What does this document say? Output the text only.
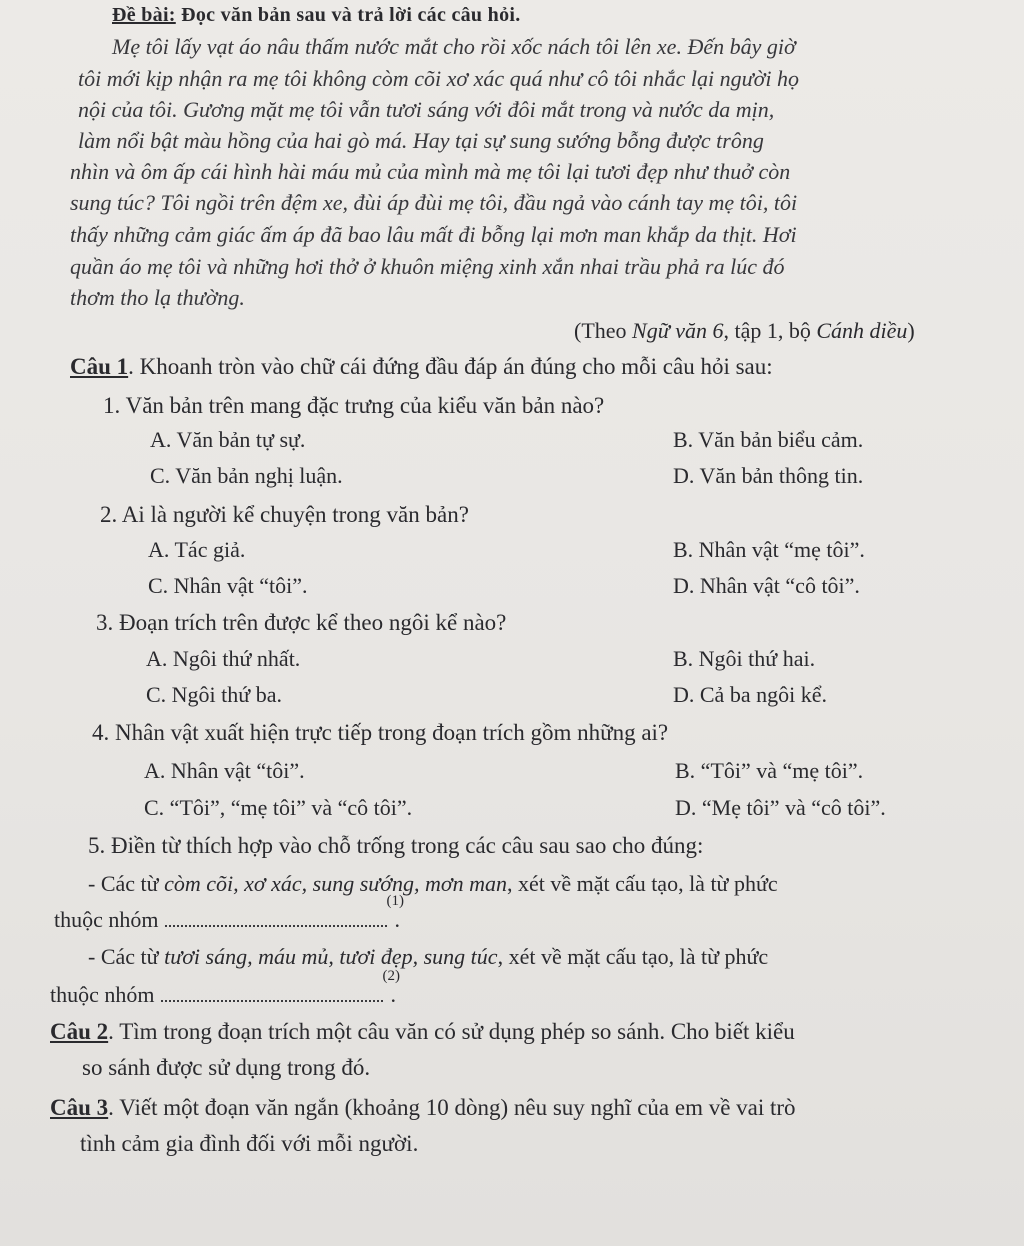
Đề bài: Đọc văn bản sau và trả lời các câu hỏi.
Mẹ tôi lấy vạt áo nâu thấm nước mắt cho rồi xốc nách tôi lên xe. Đến bây giờ
tôi mới kịp nhận ra mẹ tôi không còm cõi xơ xác quá như cô tôi nhắc lại người họ
nội của tôi. Gương mặt mẹ tôi vẫn tươi sáng với đôi mắt trong và nước da mịn,
làm nổi bật màu hồng của hai gò má. Hay tại sự sung sướng bỗng được trông
nhìn và ôm ấp cái hình hài máu mủ của mình mà mẹ tôi lại tươi đẹp như thuở còn
sung túc? Tôi ngồi trên đệm xe, đùi áp đùi mẹ tôi, đầu ngả vào cánh tay mẹ tôi, tôi
thấy những cảm giác ấm áp đã bao lâu mất đi bỗng lại mơn man khắp da thịt. Hơi
quần áo mẹ tôi và những hơi thở ở khuôn miệng xinh xắn nhai trầu phả ra lúc đó
thơm tho lạ thường.
(Theo Ngữ văn 6, tập 1, bộ Cánh diều)
Câu 1. Khoanh tròn vào chữ cái đứng đầu đáp án đúng cho mỗi câu hỏi sau:
1. Văn bản trên mang đặc trưng của kiểu văn bản nào?
A. Văn bản tự sự.	B. Văn bản biểu cảm.
C. Văn bản nghị luận.	D. Văn bản thông tin.
2. Ai là người kể chuyện trong văn bản?
A. Tác giả.	B. Nhân vật “mẹ tôi”.
C. Nhân vật “tôi”.	D. Nhân vật “cô tôi”.
3. Đoạn trích trên được kể theo ngôi kể nào?
A. Ngôi thứ nhất.	B. Ngôi thứ hai.
C. Ngôi thứ ba.	D. Cả ba ngôi kể.
4. Nhân vật xuất hiện trực tiếp trong đoạn trích gồm những ai?
A. Nhân vật “tôi”.	B. “Tôi” và “mẹ tôi”.
C. “Tôi”, “mẹ tôi” và “cô tôi”.	D. “Mẹ tôi” và “cô tôi”.
5. Điền từ thích hợp vào chỗ trống trong các câu sau sao cho đúng:
- Các từ còm cõi, xơ xác, sung sướng, mơn man, xét về mặt cấu tạo, là từ phức
thuộc nhóm
(1)
.
- Các từ tươi sáng, máu mủ, tươi đẹp, sung túc, xét về mặt cấu tạo, là từ phức
thuộc nhóm
(2)
.
Câu 2. Tìm trong đoạn trích một câu văn có sử dụng phép so sánh. Cho biết kiểu
so sánh được sử dụng trong đó.
Câu 3. Viết một đoạn văn ngắn (khoảng 10 dòng) nêu suy nghĩ của em về vai trò
tình cảm gia đình đối với mỗi người.
